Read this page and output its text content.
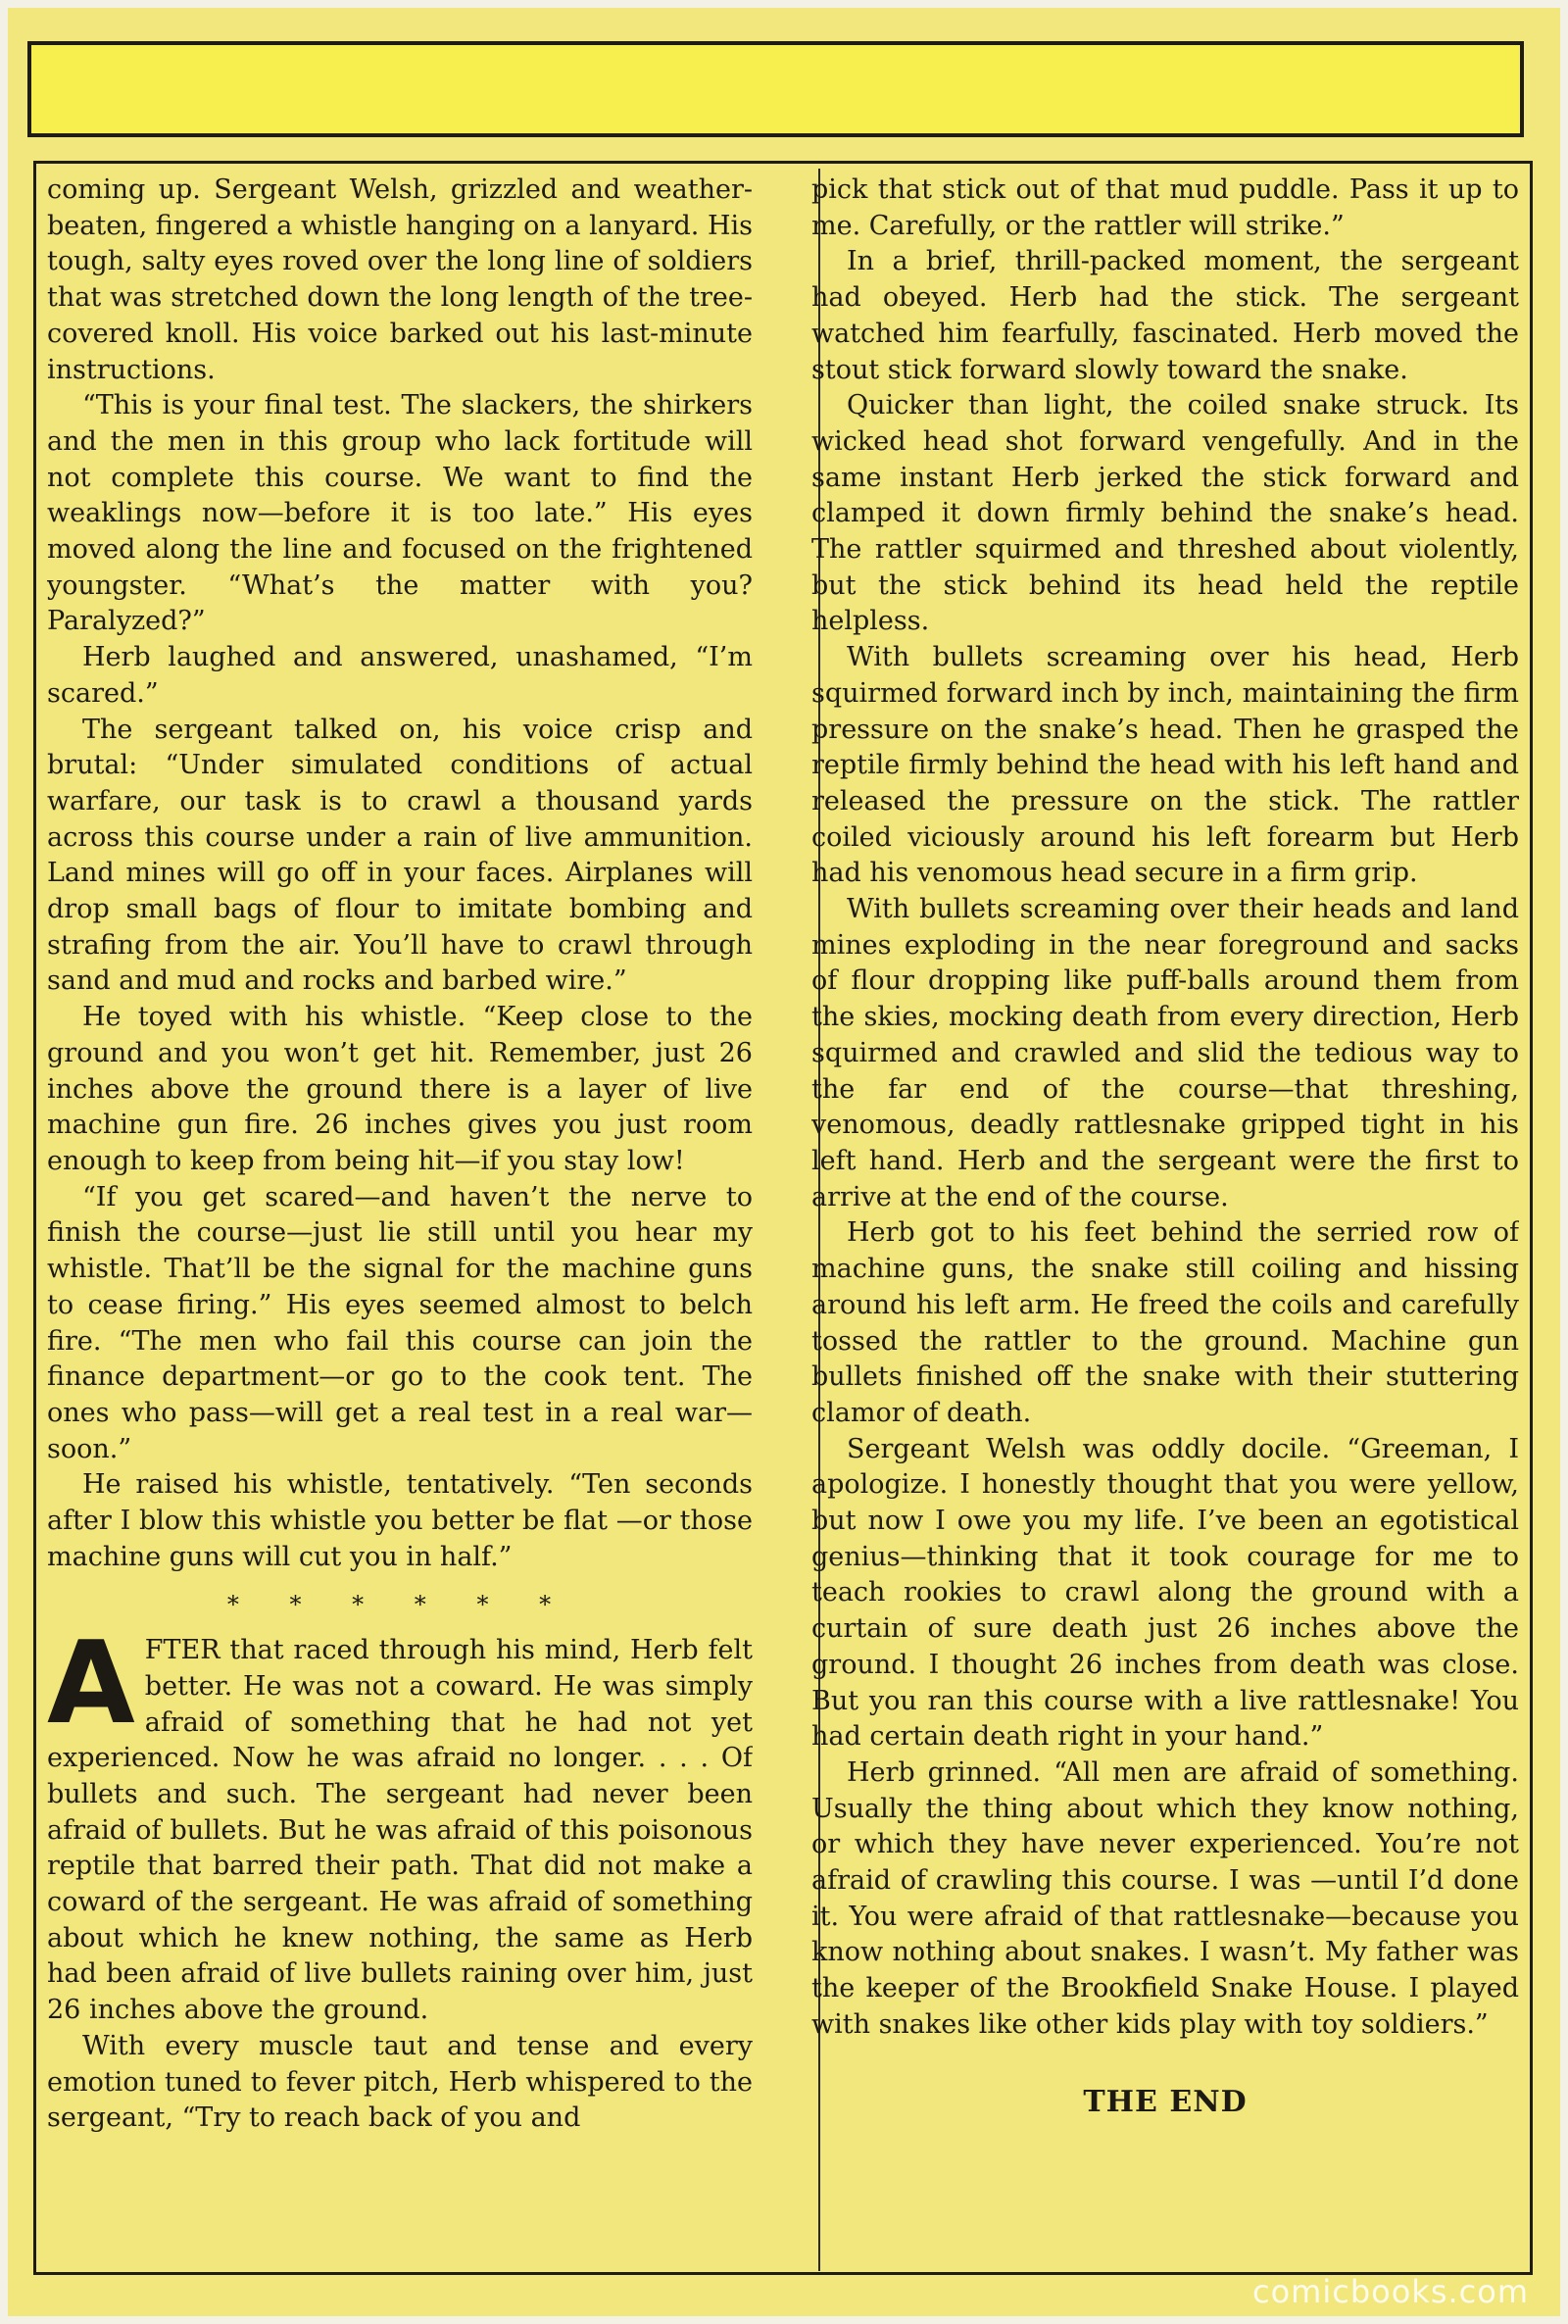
coming up. Sergeant Welsh, grizzled and weather-beaten, fingered a whistle hanging on a lanyard. His tough, salty eyes roved over the long line of soldiers that was stretched down the long length of the tree-covered knoll. His voice barked out his last-minute instructions.

“This is your final test. The slackers, the shirkers and the men in this group who lack fortitude will not complete this course. We want to find the weaklings now—before it is too late.” His eyes moved along the line and focused on the frightened youngster. “What’s the matter with you? Paralyzed?”

Herb laughed and answered, unashamed, “I’m scared.”

The sergeant talked on, his voice crisp and brutal: “Under simulated conditions of actual warfare, our task is to crawl a thousand yards across this course under a rain of live ammunition. Land mines will go off in your faces. Airplanes will drop small bags of flour to imitate bombing and strafing from the air. You’ll have to crawl through sand and mud and rocks and barbed wire.”

He toyed with his whistle. “Keep close to the ground and you won’t get hit. Remember, just 26 inches above the ground there is a layer of live machine gun fire. 26 inches gives you just room enough to keep from being hit—if you stay low!

“If you get scared—and haven’t the nerve to finish the course—just lie still until you hear my whistle. That’ll be the signal for the machine guns to cease firing.” His eyes seemed almost to belch fire. “The men who fail this course can join the finance department—or go to the cook tent. The ones who pass—will get a real test in a real war—soon.”

He raised his whistle, tentatively. “Ten seconds after I blow this whistle you better be flat —or those machine guns will cut you in half.”

* * * * * *

AFTER that raced through his mind, Herb felt better. He was not a coward. He was simply afraid of something that he had not yet experienced. Now he was afraid no longer. . . . Of bullets and such. The sergeant had never been afraid of bullets. But he was afraid of this poisonous reptile that barred their path. That did not make a coward of the sergeant. He was afraid of something about which he knew nothing, the same as Herb had been afraid of live bullets raining over him, just 26 inches above the ground.

With every muscle taut and tense and every emotion tuned to fever pitch, Herb whispered to the sergeant, “Try to reach back of you and

pick that stick out of that mud puddle. Pass it up to me. Carefully, or the rattler will strike.”

In a brief, thrill-packed moment, the sergeant had obeyed. Herb had the stick. The sergeant watched him fearfully, fascinated. Herb moved the stout stick forward slowly toward the snake.

Quicker than light, the coiled snake struck. Its wicked head shot forward vengefully. And in the same instant Herb jerked the stick forward and clamped it down firmly behind the snake’s head. The rattler squirmed and threshed about violently, but the stick behind its head held the reptile helpless.

With bullets screaming over his head, Herb squirmed forward inch by inch, maintaining the firm pressure on the snake’s head. Then he grasped the reptile firmly behind the head with his left hand and released the pressure on the stick. The rattler coiled viciously around his left forearm but Herb had his venomous head secure in a firm grip.

With bullets screaming over their heads and land mines exploding in the near foreground and sacks of flour dropping like puff-balls around them from the skies, mocking death from every direction, Herb squirmed and crawled and slid the tedious way to the far end of the course—that threshing, venomous, deadly rattlesnake gripped tight in his left hand. Herb and the sergeant were the first to arrive at the end of the course.

Herb got to his feet behind the serried row of machine guns, the snake still coiling and hissing around his left arm. He freed the coils and carefully tossed the rattler to the ground. Machine gun bullets finished off the snake with their stuttering clamor of death.

Sergeant Welsh was oddly docile. “Greeman, I apologize. I honestly thought that you were yellow, but now I owe you my life. I’ve been an egotistical genius—thinking that it took courage for me to teach rookies to crawl along the ground with a curtain of sure death just 26 inches above the ground. I thought 26 inches from death was close. But you ran this course with a live rattlesnake! You had certain death right in your hand.”

Herb grinned. “All men are afraid of something. Usually the thing about which they know nothing, or which they have never experienced. You’re not afraid of crawling this course. I was —until I’d done it. You were afraid of that rattlesnake—because you know nothing about snakes. I wasn’t. My father was the keeper of the Brookfield Snake House. I played with snakes like other kids play with toy soldiers.”

THE END
comicbooks.com
